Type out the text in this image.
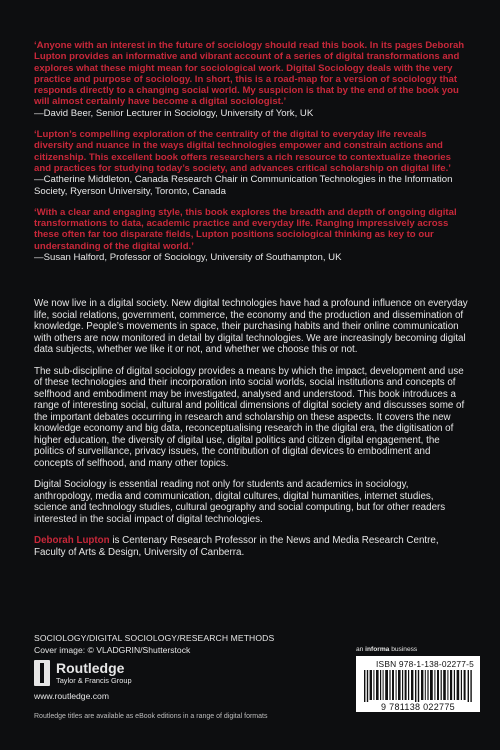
‘Anyone with an interest in the future of sociology should read this book. In its pages Deborah Lupton provides an informative and vibrant account of a series of digital transformations and explores what these might mean for sociological work. Digital Sociology deals with the very practice and purpose of sociology. In short, this is a road-map for a version of sociology that responds directly to a changing social world. My suspicion is that by the end of the book you will almost certainly have become a digital sociologist.’
—David Beer, Senior Lecturer in Sociology, University of York, UK
‘Lupton’s compelling exploration of the centrality of the digital to everyday life reveals diversity and nuance in the ways digital technologies empower and constrain actions and citizenship. This excellent book offers researchers a rich resource to contextualize theories and practices for studying today’s society, and advances critical scholarship on digital life.’
—Catherine Middleton, Canada Research Chair in Communication Technologies in the Information Society, Ryerson University, Toronto, Canada
‘With a clear and engaging style, this book explores the breadth and depth of ongoing digital transformations to data, academic practice and everyday life. Ranging impressively across these often far too disparate fields, Lupton positions sociological thinking as key to our understanding of the digital world.’
—Susan Halford, Professor of Sociology, University of Southampton, UK

We now live in a digital society. New digital technologies have had a profound influence on everyday life, social relations, government, commerce, the economy and the production and dissemination of knowledge. People’s movements in space, their purchasing habits and their online communication with others are now monitored in detail by digital technologies. We are increasingly becoming digital data subjects, whether we like it or not, and whether we choose this or not.

The sub-discipline of digital sociology provides a means by which the impact, development and use of these technologies and their incorporation into social worlds, social institutions and concepts of selfhood and embodiment may be investigated, analysed and understood. This book introduces a range of interesting social, cultural and political dimensions of digital society and discusses some of the important debates occurring in research and scholarship on these aspects. It covers the new knowledge economy and big data, reconceptualising research in the digital era, the digitisation of higher education, the diversity of digital use, digital politics and citizen digital engagement, the politics of surveillance, privacy issues, the contribution of digital devices to embodiment and concepts of selfhood, and many other topics.

Digital Sociology is essential reading not only for students and academics in sociology, anthropology, media and communication, digital cultures, digital humanities, internet studies, science and technology studies, cultural geography and social computing, but for other readers interested in the social impact of digital technologies.

Deborah Lupton is Centenary Research Professor in the News and Media Research Centre, Faculty of Arts & Design, University of Canberra.

SOCIOLOGY/DIGITAL SOCIOLOGY/RESEARCH METHODS
Cover image: © VLADGRIN/Shutterstock
Routledge
Taylor & Francis Group
www.routledge.com
Routledge titles are available as eBook editions in a range of digital formats
an informa business
ISBN 978-1-138-02277-5
9 781138 022775
